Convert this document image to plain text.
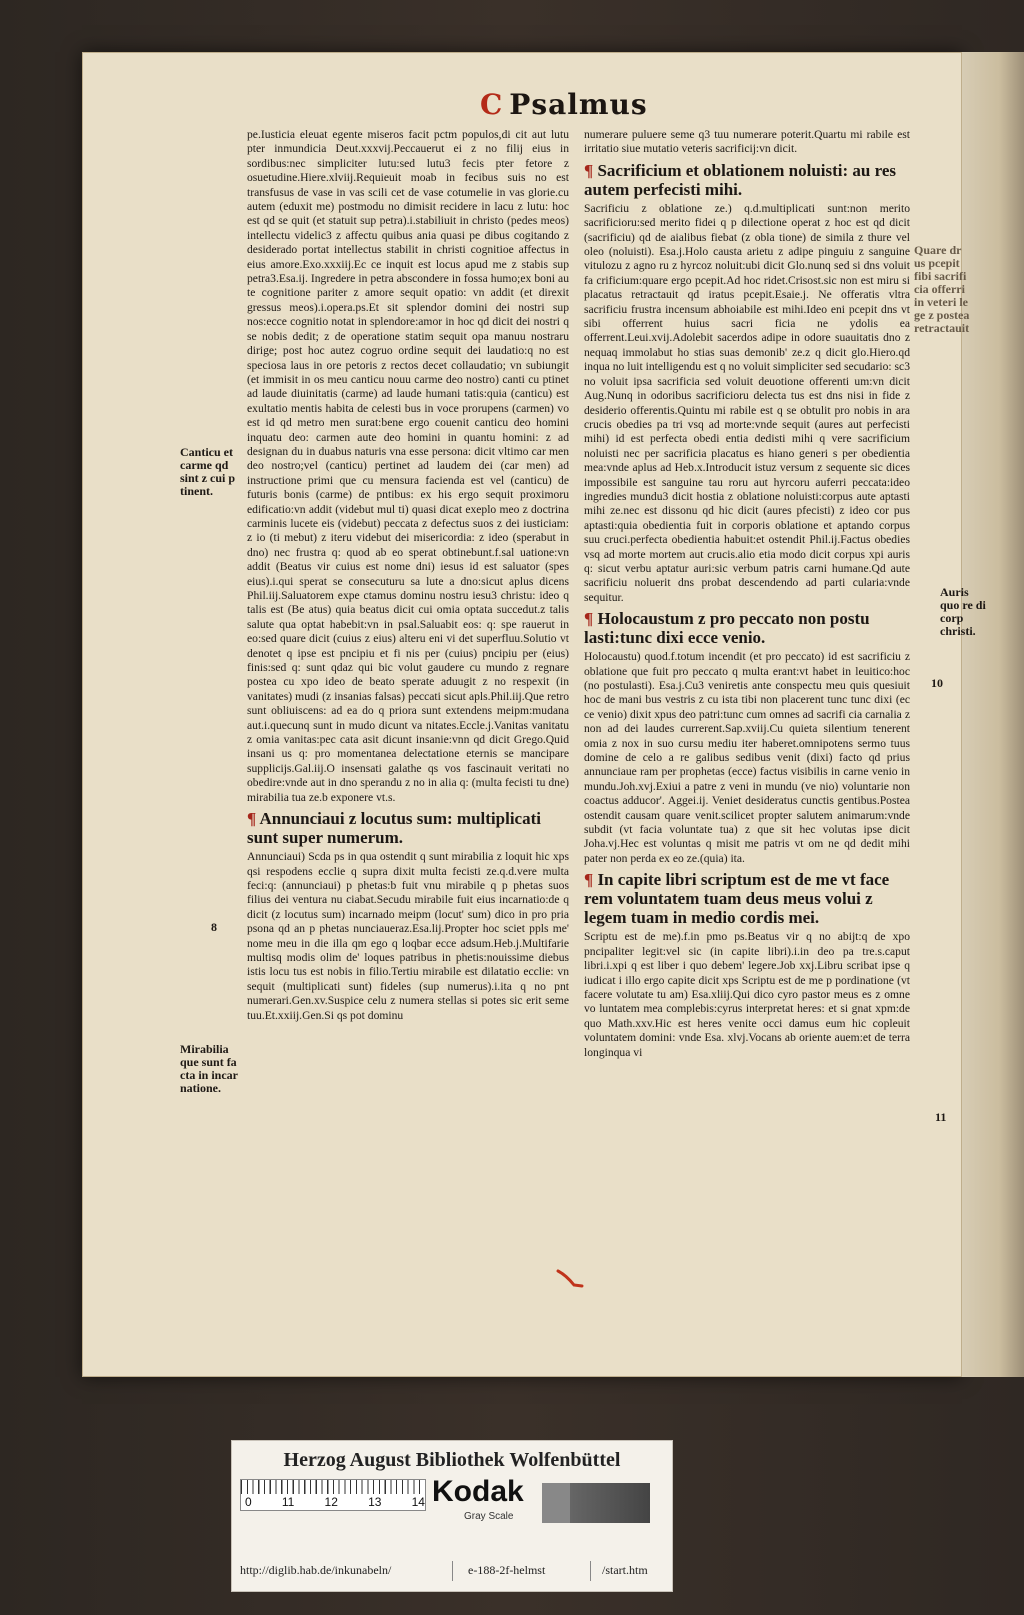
C Psalmus

pe.Iusticia eleuat egente miseros facit pctm populos,di cit aut lutu pter inmundicia Deut.xxxvij.Peccauerut ei z no filij eius in sordibus:nec simpliciter lutu:sed lutu3 fecis pter fetore z osuetudine.Hiere.xlviij.Requieuit moab in fecibus suis no est transfusus de vase in vas scili cet de vase cotumelie in vas glorie.cu autem (eduxit me) postmodu no dimisit recidere in lacu z lutu: hoc est qd se quit (et statuit sup petra).i.stabiliuit in christo (pedes meos) intellectu videlic3 z affectu quibus ania quasi pe dibus cogitando z desiderado portat intellectus stabilit in christi cognitioe affectus in eius amore.Exo.xxxiij.Ec ce inquit est locus apud me z stabis sup petra3.Esa.ij. Ingredere in petra abscondere in fossa humo;ex boni au te cognitione pariter z amore sequit opatio: vn addit (et direxit gressus meos).i.opera.ps.Et sit splendor domini dei nostri sup nos:ecce cognitio notat in splendore:amor in hoc qd dicit dei nostri q se nobis dedit; z de operatione statim sequit opa manuu nostraru dirige; post hoc autez cogruo ordine sequit dei laudatio:q no est speciosa laus in ore petoris z rectos decet collaudatio; vn subiungit (et immisit in os meu canticu nouu carme deo nostro) canti cu ptinet ad laude diuinitatis (carme) ad laude humani tatis:quia (canticu) est exultatio mentis habita de celesti bus in voce prorupens (carmen) vo est id qd metro men surat:bene ergo couenit canticu deo homini inquatu deo: carmen aute deo homini in quantu homini: z ad designan du in duabus naturis vna esse persona: dicit vltimo car men deo nostro;vel (canticu) pertinet ad laudem dei (car men) ad instructione primi que cu mensura facienda est vel (canticu) de futuris bonis (carme) de pntibus: ex his ergo sequit proximoru edificatio:vn addit (videbut mul ti) quasi dicat exeplo meo z doctrina carminis lucete eis (videbut) peccata z defectus suos z dei iusticiam: z io (ti mebut) z iteru videbut dei misericordia: z ideo (sperabut in dno) nec frustra q: quod ab eo sperat obtinebunt.f.sal uatione:vn addit (Beatus vir cuius est nome dni) iesus id est saluator (spes eius).i.qui sperat se consecuturu sa lute a dno:sicut aplus dicens Phil.iij.Saluatorem expe ctamus dominu nostru iesu3 christu: ideo q talis est (Be atus) quia beatus dicit cui omia optata succedut.z talis salute qua optat habebit:vn in psal.Saluabit eos: q: spe rauerut in eo:sed quare dicit (cuius z eius) alteru eni vi det superfluu.Solutio vt denotet q ipse est pncipiu et fi nis per (cuius) pncipiu per (eius) finis:sed q: sunt qdaz qui bic volut gaudere cu mundo z regnare postea cu xpo ideo de beato sperate aduugit z no respexit (in vanitates) mudi (z insanias falsas) peccati sicut apls.Phil.iij.Que retro sunt obliuiscens: ad ea do q priora sunt extendens meipm:mudana aut.i.quecunq sunt in mudo dicunt va nitates.Eccle.j.Vanitas vanitatu z omia vanitas:pec cata asit dicunt insanie:vnn qd dicit Grego.Quid insani us q: pro momentanea delectatione eternis se mancipare supplicijs.Gal.iij.O insensati galathe qs vos fascinauit veritati no obedire:vnde aut in dno sperandu z no in alia q: (multa fecisti tu dne) mirabilia tua ze.b exponere vt.s.

¶ Annunciaui z locutus sum: multiplicati sunt super numerum.

Annunciaui) Scda ps in qua ostendit q sunt mirabilia z loquit hic xps qsi respodens ecclie q supra dixit multa fecisti ze.q.d.vere multa feci:q: (annunciaui) p phetas:b fuit vnu mirabile q p phetas suos filius dei ventura nu ciabat.Secudu mirabile fuit eius incarnatio:de q dicit (z locutus sum) incarnado meipm (locut' sum) dico in pro pria psona qd an p phetas nunciaueraz.Esa.lij.Propter hoc sciet ppls me' nome meu in die illa qm ego q loqbar ecce adsum.Heb.j.Multifarie multisq modis olim de' loques patribus in phetis:nouissime diebus istis locu tus est nobis in filio.Tertiu mirabile est dilatatio ecclie: vn sequit (multiplicati sunt) fideles (sup numerus).i.ita q no pnt numerari.Gen.xv.Suspice celu z numera stellas si potes sic erit seme tuu.Et.xxiij.Gen.Si qs pot dominu

numerare puluere seme q3 tuu numerare poterit.Quartu mi rabile est irritatio siue mutatio veteris sacrificij:vn dicit.

¶ Sacrificium et oblationem noluisti: au res autem perfecisti mihi.

Sacrificiu z oblatione ze.) q.d.multiplicati sunt:non merito sacrificioru:sed merito fidei q p dilectione operat z hoc est qd dicit (sacrificiu) qd de aialibus fiebat (z obla tione) de simila z thure vel oleo (noluisti). Esa.j.Holo causta arietu z adipe pinguiu z sanguine vitulozu z agno ru z hyrcoz noluit:ubi dicit Glo.nunq sed si dns voluit fa crificium:quare ergo pcepit.Ad hoc ridet.Crisost.sic non est miru si placatus retractauit qd iratus pcepit.Esaie.j. Ne offeratis vltra sacrificiu frustra incensum abhoiabile est mihi.Ideo eni pcepit dns vt sibi offerrent huius sacri ficia ne ydolis ea offerrent.Leui.xvij.Adolebit sacerdos adipe in odore suauitatis dno z nequaq immolabut ho stias suas demonib' ze.z q dicit glo.Hiero.qd inqua no luit intelligendu est q no voluit simpliciter sed secudario: sc3 no voluit ipsa sacrificia sed voluit deuotione offerenti um:vn dicit Aug.Nunq in odoribus sacrificioru delecta tus est dns nisi in fide z desiderio offerentis.Quintu mi rabile est q se obtulit pro nobis in ara crucis obedies pa tri vsq ad morte:vnde sequit (aures aut perfecisti mihi) id est perfecta obedi entia dedisti mihi q vere sacrificium noluisti nec per sacrificia placatus es hiano generi s per obedientia mea:vnde aplus ad Heb.x.Introducit istuz versum z sequente sic dices impossibile est sanguine tau roru aut hyrcoru auferri peccata:ideo ingredies mundu3 dicit hostia z oblatione noluisti:corpus aute aptasti mihi ze.nec est dissonu qd hic dicit (aures pfecisti) z ideo cor pus aptasti:quia obedientia fuit in corporis oblatione et aptando corpus suu cruci.perfecta obedientia habuit:et ostendit Phil.ij.Factus obedies vsq ad morte mortem aut crucis.alio etia modo dicit corpus xpi auris q: sicut verbu aptatur auri:sic verbum patris carni humane.Qd aute sacrificiu noluerit dns probat descendendo ad parti cularia:vnde sequitur.

¶ Holocaustum z pro peccato non postu lasti:tunc dixi ecce venio.

Holocaustu) quod.f.totum incendit (et pro peccato) id est sacrificiu z oblatione que fuit pro peccato q multa erant:vt habet in leuitico:hoc (no postulasti). Esa.j.Cu3 veniretis ante conspectu meu quis quesiuit hoc de mani bus vestris z cu ista tibi non placerent tunc tunc dixi (ec ce venio) dixit xpus deo patri:tunc cum omnes ad sacrifi cia carnalia z non ad dei laudes currerent.Sap.xviij.Cu quieta silentium tenerent omia z nox in suo cursu mediu iter haberet.omnipotens sermo tuus domine de celo a re galibus sedibus venit (dixi) facto qd prius annunciaue ram per prophetas (ecce) factus visibilis in carne venio in mundu.Joh.xvj.Exiui a patre z veni in mundu (ve nio) voluntarie non coactus adducor'. Aggei.ij. Veniet desideratus cunctis gentibus.Postea ostendit causam quare venit.scilicet propter salutem animarum:vnde subdit (vt facia voluntate tua) z que sit hec volutas ipse dicit Joha.vj.Hec est voluntas q misit me patris vt om ne qd dedit mihi pater non perda ex eo ze.(quia) ita.

¶ In capite libri scriptum est de me vt face rem voluntatem tuam deus meus volui z legem tuam in medio cordis mei.

Scriptu est de me).f.in pmo ps.Beatus vir q no abijt:q de xpo pncipaliter legit:vel sic (in capite libri).i.in deo pa tre.s.caput libri.i.xpi q est liber i quo debem' legere.Job xxj.Libru scribat ipse q iudicat i illo ergo capite dicit xps Scriptu est de me p pordinatione (vt facere volutate tu am) Esa.xliij.Qui dico cyro pastor meus es z omne vo luntatem mea complebis:cyrus interpretat heres: et si gnat xpm:de quo Math.xxv.Hic est heres venite occi damus eum hic copleuit voluntatem domini: vnde Esa. xlvj.Vocans ab oriente auem:et de terra longinqua vi

Canticu et carme qd sint z cui p tinent.
Mirabilia que sunt fa cta in incar natione.
Quare dr us pcepit fibi sacrifi cia offerri in veteri le ge z postea retractauit
Auris quo re di corp christi.
10
8
11
Herzog August Bibliothek Wolfenbüttel
0	11	12	13	14 Kodak
Gray Scale
http://diglib.hab.de/inkunabeln/	e-188-2f-helmst	/start.htm
